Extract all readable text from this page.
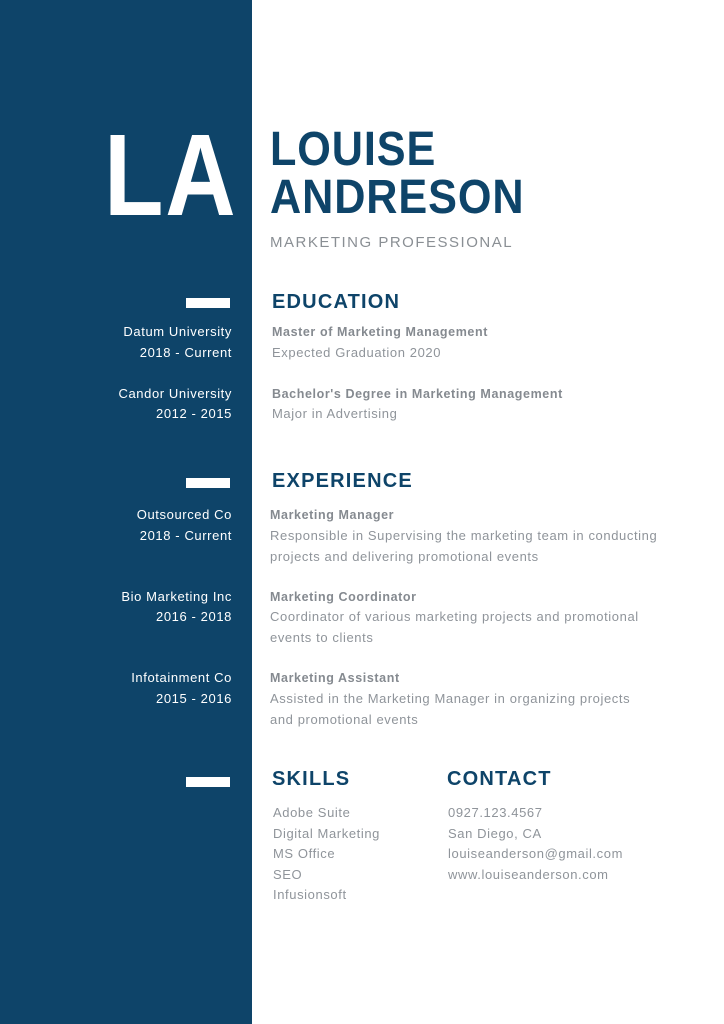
LA LOUISE
ANDRESON
MARKETING PROFESSIONAL
EDUCATION
Datum University
2018 - Current
Master of Marketing Management
Expected Graduation 2020
Candor University
2012 - 2015
Bachelor's Degree in Marketing Management
Major in Advertising
EXPERIENCE
Outsourced Co
2018 - Current
Marketing Manager
Responsible in Supervising the marketing team in conducting projects and delivering promotional events
Bio Marketing Inc
2016 - 2018
Marketing Coordinator
Coordinator of various marketing projects and promotional events to clients
Infotainment Co
2015 - 2016
Marketing Assistant
Assisted in the Marketing Manager in organizing projects and promotional events
SKILLS	CONTACT
Adobe Suite
Digital Marketing
MS Office
SEO
Infusionsoft
0927.123.4567
San Diego, CA
louiseanderson@gmail.com
www.louiseanderson.com
